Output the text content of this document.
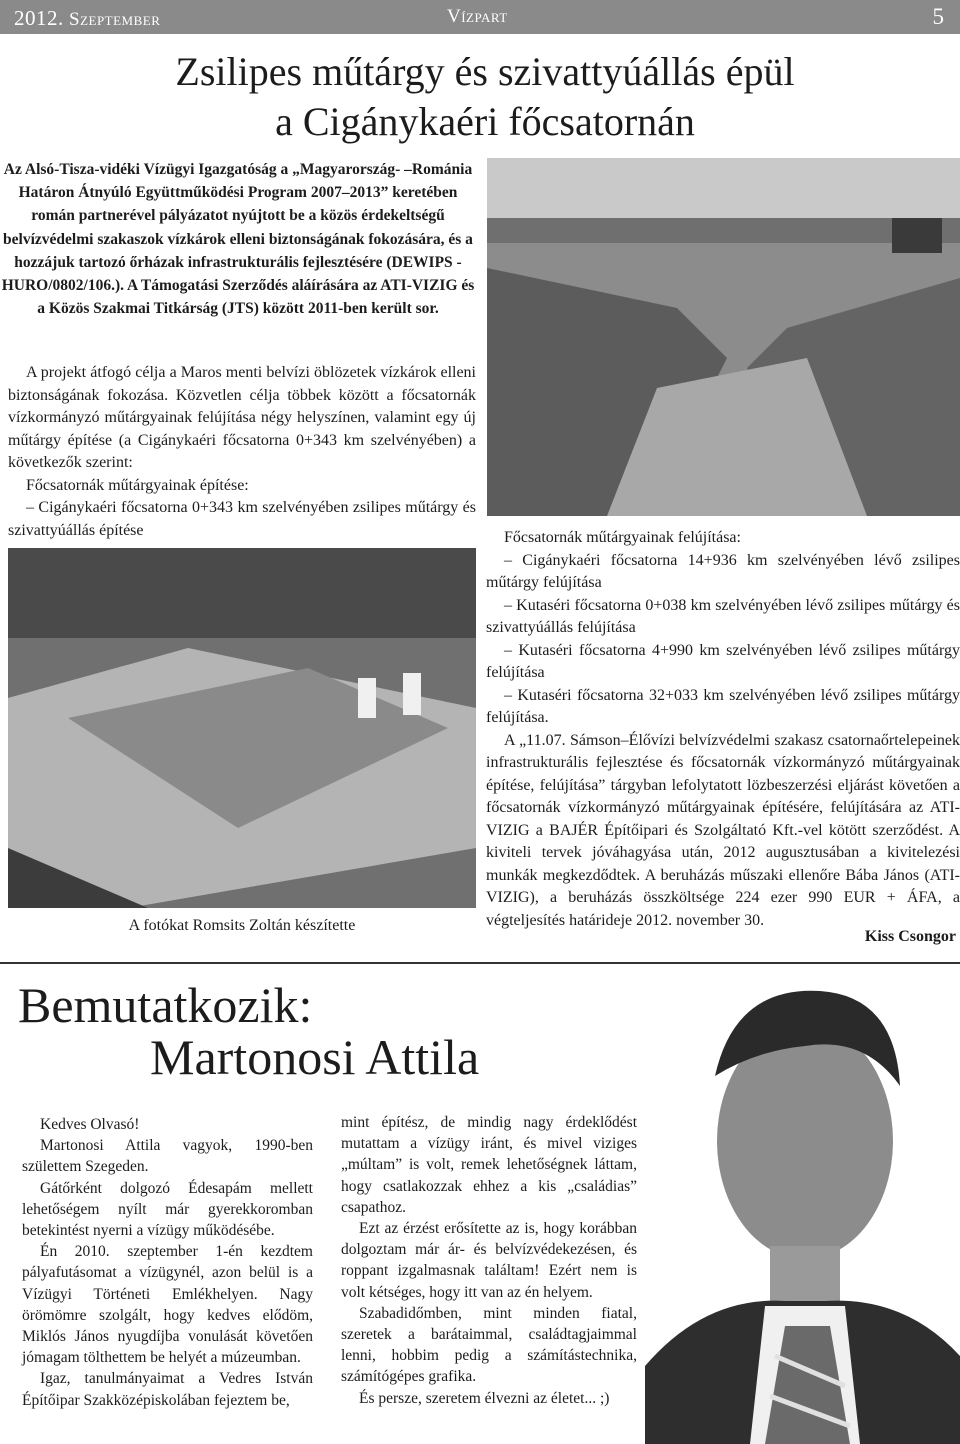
2012. Szeptember	Vízpart	5
Zsilipes műtárgy és szivattyúállás épül
a Cigánykaéri főcsatornán
Az Alsó-Tisza-vidéki Vízügyi Igazgatóság a „Magyarország- –Románia Határon Átnyúló Együttműködési Program 2007–2013” keretében román partnerével pályázatot nyújtott be a közös érdekeltségű belvízvédelmi szakaszok vízkárok elleni biztonságának fokozására, és a hozzájuk tartozó őrházak infrastrukturális fejlesztésére (DEWIPS - HURO/0802/106.). A Támogatási Szerződés aláírására az ATI-VIZIG és a Közös Szakmai Titkárság (JTS) között 2011-ben került sor.
A projekt átfogó célja a Maros menti belvízi öblözetek vízkárok elleni biztonságának fokozása. Közvetlen célja többek között a főcsatornák vízkormányzó műtárgyainak felújítása négy helyszínen, valamint egy új műtárgy építése (a Cigánykaéri főcsatorna 0+343 km szelvényében) a következők szerint:
Főcsatornák műtárgyainak építése:
– Cigánykaéri főcsatorna 0+343 km szelvényében zsilipes műtárgy és szivattyúállás építése
A fotókat Romsits Zoltán készítette
Főcsatornák műtárgyainak felújítása:
– Cigánykaéri főcsatorna 14+936 km szelvényében lévő zsilipes műtárgy felújítása
– Kutaséri főcsatorna 0+038 km szelvényében lévő zsilipes műtárgy és szivattyúállás felújítása
– Kutaséri főcsatorna 4+990 km szelvényében lévő zsilipes műtárgy felújítása
– Kutaséri főcsatorna 32+033 km szelvényében lévő zsilipes műtárgy felújítása.
A „11.07. Sámson–Élővízi belvízvédelmi szakasz csatornaőrtelepeinek infrastrukturális fejlesztése és főcsatornák vízkormányzó műtárgyainak építése, felújítása” tárgyban lefolytatott lözbeszerzési eljárást követően a főcsatornák vízkormányzó műtárgyainak építésére, felújítására az ATI-VIZIG a BAJÉR Építőipari és Szolgáltató Kft.-vel kötött szerződést. A kiviteli tervek jóváhagyása után, 2012 augusztusában a kivitelezési munkák megkezdődtek. A beruházás műszaki ellenőre Bába János (ATI-VIZIG), a beruházás összköltsége 224 ezer 990 EUR + ÁFA, a végteljesítés határideje 2012. november 30.
Kiss Csongor
Bemutatkozik:
Martonosi Attila
Kedves Olvasó!
Martonosi Attila vagyok, 1990-ben születtem Szegeden.
Gátőrként dolgozó Édesapám mellett lehetőségem nyílt már gyerekkoromban betekintést nyerni a vízügy működésébe.
Én 2010. szeptember 1-én kezdtem pályafutásomat a vízügynél, azon belül is a Vízügyi Történeti Emlékhelyen. Nagy örömömre szolgált, hogy kedves elődöm, Miklós János nyugdíjba vonulását követően jómagam tölthettem be helyét a múzeumban.
Igaz, tanulmányaimat a Vedres István Építőipar Szakközépiskolában fejeztem be,
mint építész, de mindig nagy érdeklődést mutattam a vízügy iránt, és mivel viziges „múltam” is volt, remek lehetőségnek láttam, hogy csatlakozzak ehhez a kis „családias” csapathoz.
Ezt az érzést erősítette az is, hogy korábban dolgoztam már ár- és belvízvédekezésen, és roppant izgalmasnak találtam! Ezért nem is volt kétséges, hogy itt van az én helyem.
Szabadidőmben, mint minden fiatal, szeretek a barátaimmal, családtagjaimmal lenni, hobbim pedig a számítástechnika, számítógépes grafika.
És persze, szeretem élvezni az életet... ;)
